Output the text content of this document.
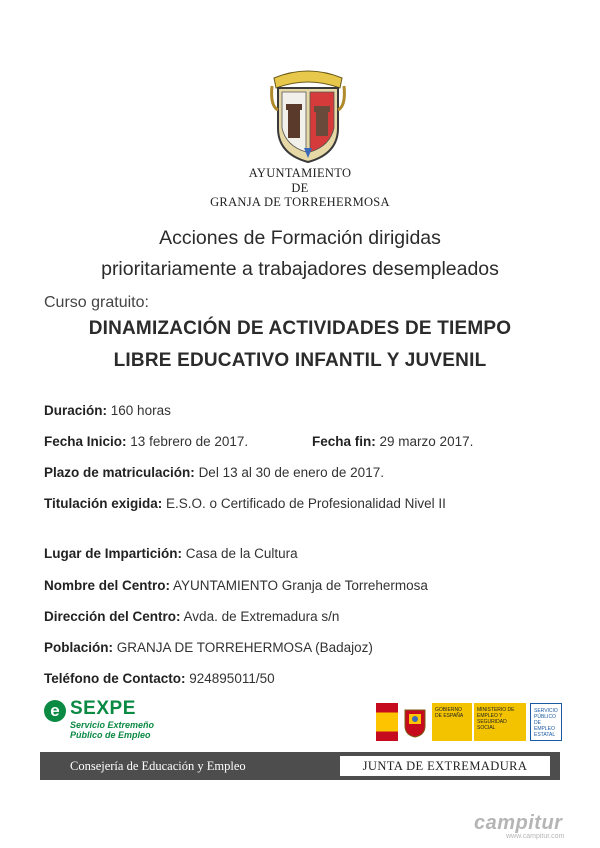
AYUNTAMIENTO
DE
GRANJA DE TORREHERMOSA
Acciones de Formación dirigidas
prioritariamente a trabajadores desempleados
Curso gratuito:
DINAMIZACIÓN DE ACTIVIDADES DE TIEMPO
LIBRE EDUCATIVO INFANTIL Y JUVENIL
Duración: 160 horas
Fecha Inicio: 13 febrero de 2017.	Fecha fin: 29 marzo 2017.
Plazo de matriculación: Del 13 al 30 de enero de 2017.
Titulación exigida: E.S.O. o Certificado de Profesionalidad Nivel II
Lugar de Impartición: Casa de la Cultura
Nombre del Centro: AYUNTAMIENTO Granja de Torrehermosa
Dirección del Centro: Avda. de Extremadura s/n
Población: GRANJA DE TORREHERMOSA (Badajoz)
Teléfono de Contacto: 924895011/50
e SEXPE
Servicio Extremeño
Público de Empleo
GOBIERNO DE ESPAÑA
MINISTERIO DE EMPLEO Y SEGURIDAD SOCIAL
SERVICIO PÚBLICO DE EMPLEO ESTATAL
Consejería de Educación y Empleo	JUNTA DE EXTREMADURA
campitur
www.campitur.com
